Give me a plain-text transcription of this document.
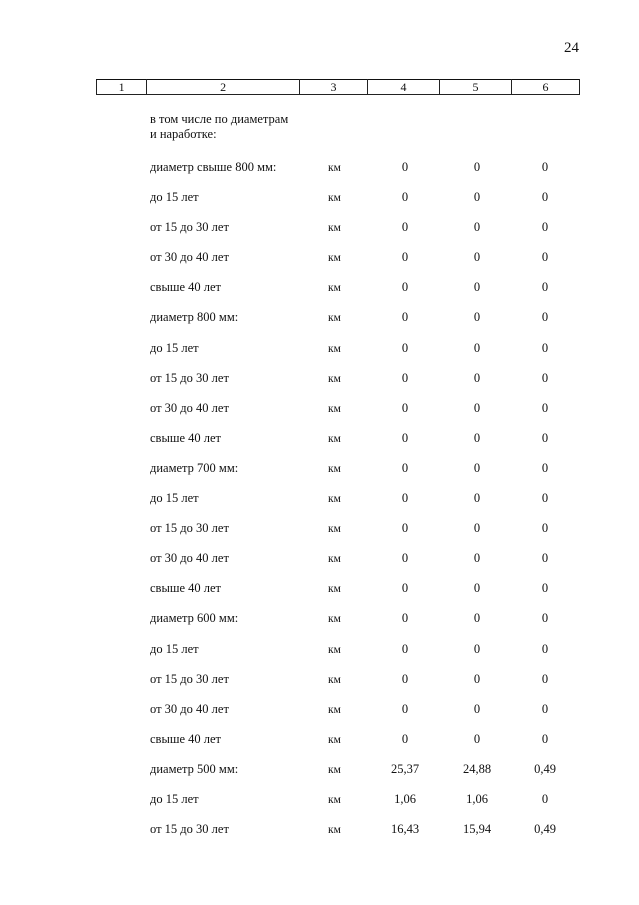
24
1	2	3	4	5	6
в том числе по диаметрам
и наработке:
диаметр свыше 800 мм:	км	0	0	0
до 15 лет	км	0	0	0
от 15 до 30 лет	км	0	0	0
от 30 до 40 лет	км	0	0	0
свыше 40 лет	км	0	0	0
диаметр 800 мм:	км	0	0	0
до 15 лет	км	0	0	0
от 15 до 30 лет	км	0	0	0
от 30 до 40 лет	км	0	0	0
свыше 40 лет	км	0	0	0
диаметр 700 мм:	км	0	0	0
до 15 лет	км	0	0	0
от 15 до 30 лет	км	0	0	0
от 30 до 40 лет	км	0	0	0
свыше 40 лет	км	0	0	0
диаметр 600 мм:	км	0	0	0
до 15 лет	км	0	0	0
от 15 до 30 лет	км	0	0	0
от 30 до 40 лет	км	0	0	0
свыше 40 лет	км	0	0	0
диаметр 500 мм:	км	25,37	24,88	0,49
до 15 лет	км	1,06	1,06	0
от 15 до 30 лет	км	16,43	15,94	0,49
